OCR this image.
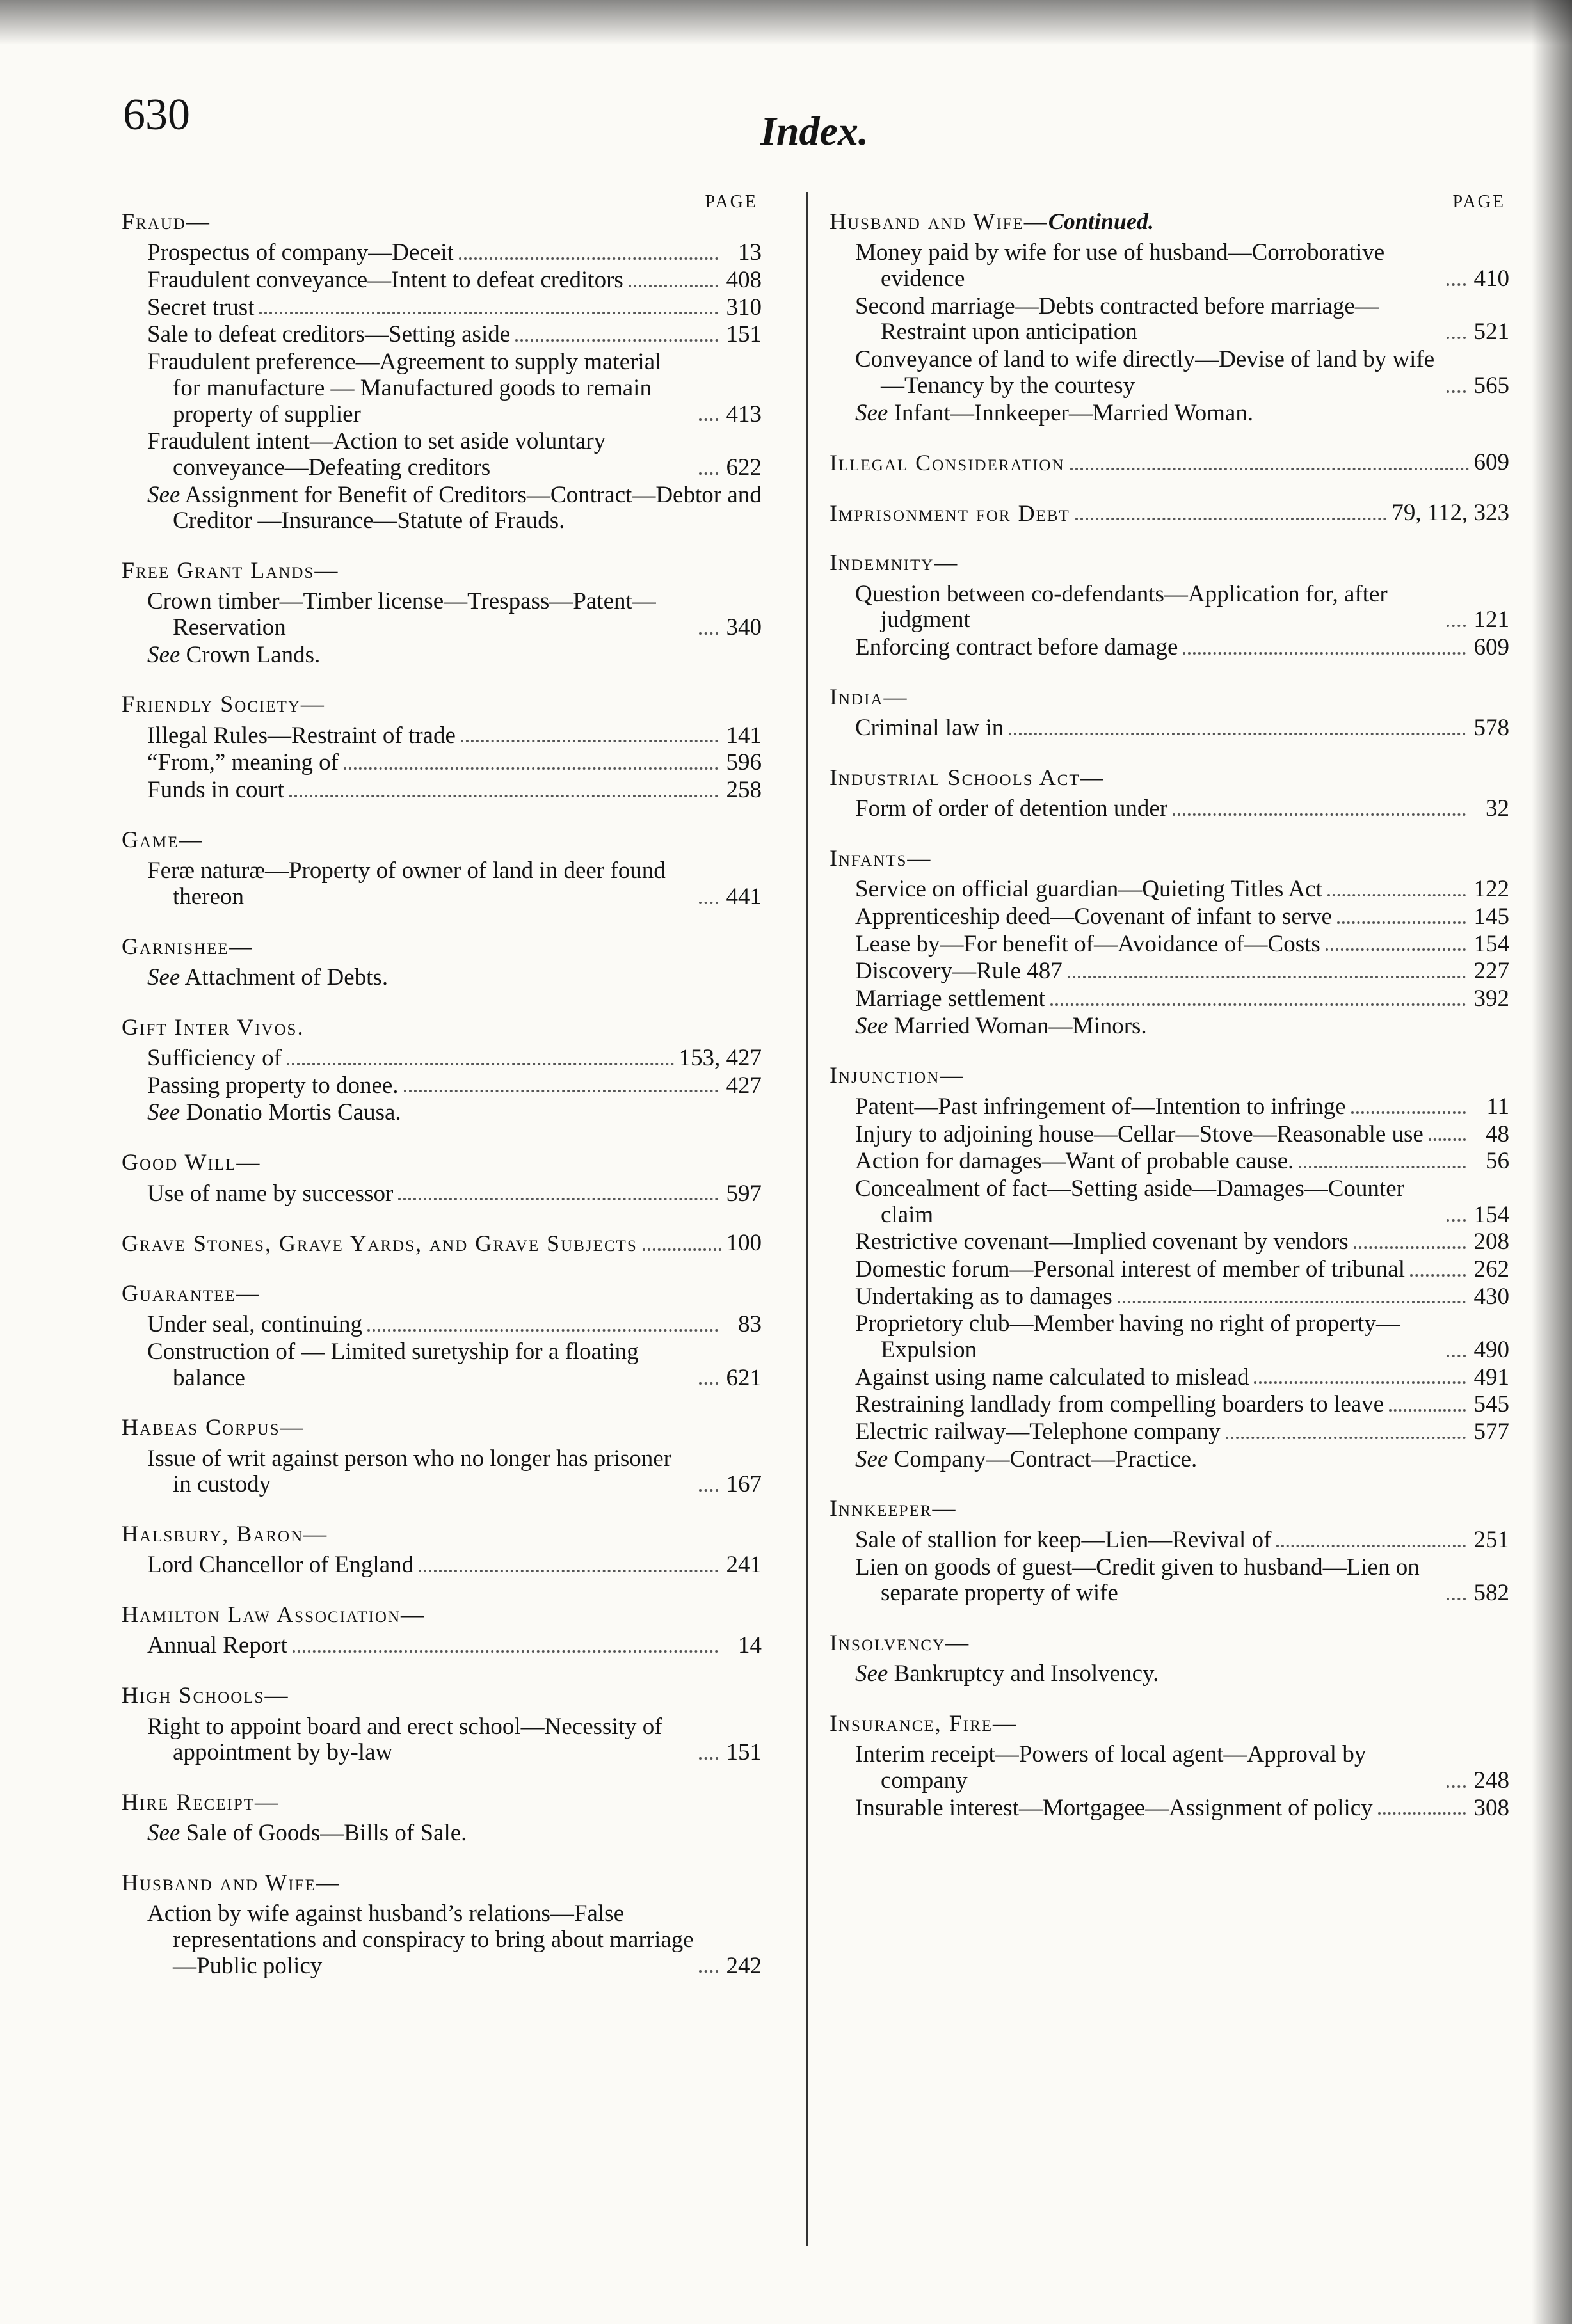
630	Index.
PAGE
Fraud—
Prospectus of company—Deceit	13
Fraudulent conveyance—Intent to defeat creditors	408
Secret trust	310
Sale to defeat creditors—Setting aside	151
Fraudulent preference—Agreement to supply material for manufacture — Manufactured goods to remain property of supplier	413
Fraudulent intent—Action to set aside voluntary conveyance—Defeating creditors	622
See Assignment for Benefit of Creditors—Contract—Debtor and Creditor —Insurance—Statute of Frauds.
Free Grant Lands—
Crown timber—Timber license—Trespass—Patent—Reservation	340
See Crown Lands.
Friendly Society—
Illegal Rules—Restraint of trade	141
“From,” meaning of	596
Funds in court	258
Game—
Feræ naturæ—Property of owner of land in deer found thereon	441
Garnishee—
See Attachment of Debts.
Gift Inter Vivos.
Sufficiency of	153, 427
Passing property to donee.	427
See Donatio Mortis Causa.
Good Will—
Use of name by successor	597
Grave Stones, Grave Yards, and Grave Subjects	100
Guarantee—
Under seal, continuing	83
Construction of — Limited suretyship for a floating balance	621
Habeas Corpus—
Issue of writ against person who no longer has prisoner in custody	167
Halsbury, Baron—
Lord Chancellor of England	241
Hamilton Law Association—
Annual Report	14
High Schools—
Right to appoint board and erect school—Necessity of appointment by by-law	151
Hire Receipt—
See Sale of Goods—Bills of Sale.
Husband and Wife—
Action by wife against husband’s relations—False representations and conspiracy to bring about marriage—Public policy	242
PAGE
Husband and Wife—Continued.
Money paid by wife for use of husband—Corroborative evidence	410
Second marriage—Debts contracted before marriage—Restraint upon anticipation	521
Conveyance of land to wife directly—Devise of land by wife—Tenancy by the courtesy	565
See Infant—Innkeeper—Married Woman.
Illegal Consideration	609
Imprisonment for Debt	79, 112, 323
Indemnity—
Question between co-defendants—Application for, after judgment	121
Enforcing contract before damage	609
India—
Criminal law in	578
Industrial Schools Act—
Form of order of detention under	32
Infants—
Service on official guardian—Quieting Titles Act	122
Apprenticeship deed—Covenant of infant to serve	145
Lease by—For benefit of—Avoidance of—Costs	154
Discovery—Rule 487	227
Marriage settlement	392
See Married Woman—Minors.
Injunction—
Patent—Past infringement of—Intention to infringe	11
Injury to adjoining house—Cellar—Stove—Reasonable use	48
Action for damages—Want of probable cause.	56
Concealment of fact—Setting aside—Damages—Counter claim	154
Restrictive covenant—Implied covenant by vendors	208
Domestic forum—Personal interest of member of tribunal	262
Undertaking as to damages	430
Proprietory club—Member having no right of property—Expulsion	490
Against using name calculated to mislead	491
Restraining landlady from compelling boarders to leave	545
Electric railway—Telephone company	577
See Company—Contract—Practice.
Innkeeper—
Sale of stallion for keep—Lien—Revival of	251
Lien on goods of guest—Credit given to husband—Lien on separate property of wife	582
Insolvency—
See Bankruptcy and Insolvency.
Insurance, Fire—
Interim receipt—Powers of local agent—Approval by company	248
Insurable interest—Mortgagee—Assignment of policy	308
